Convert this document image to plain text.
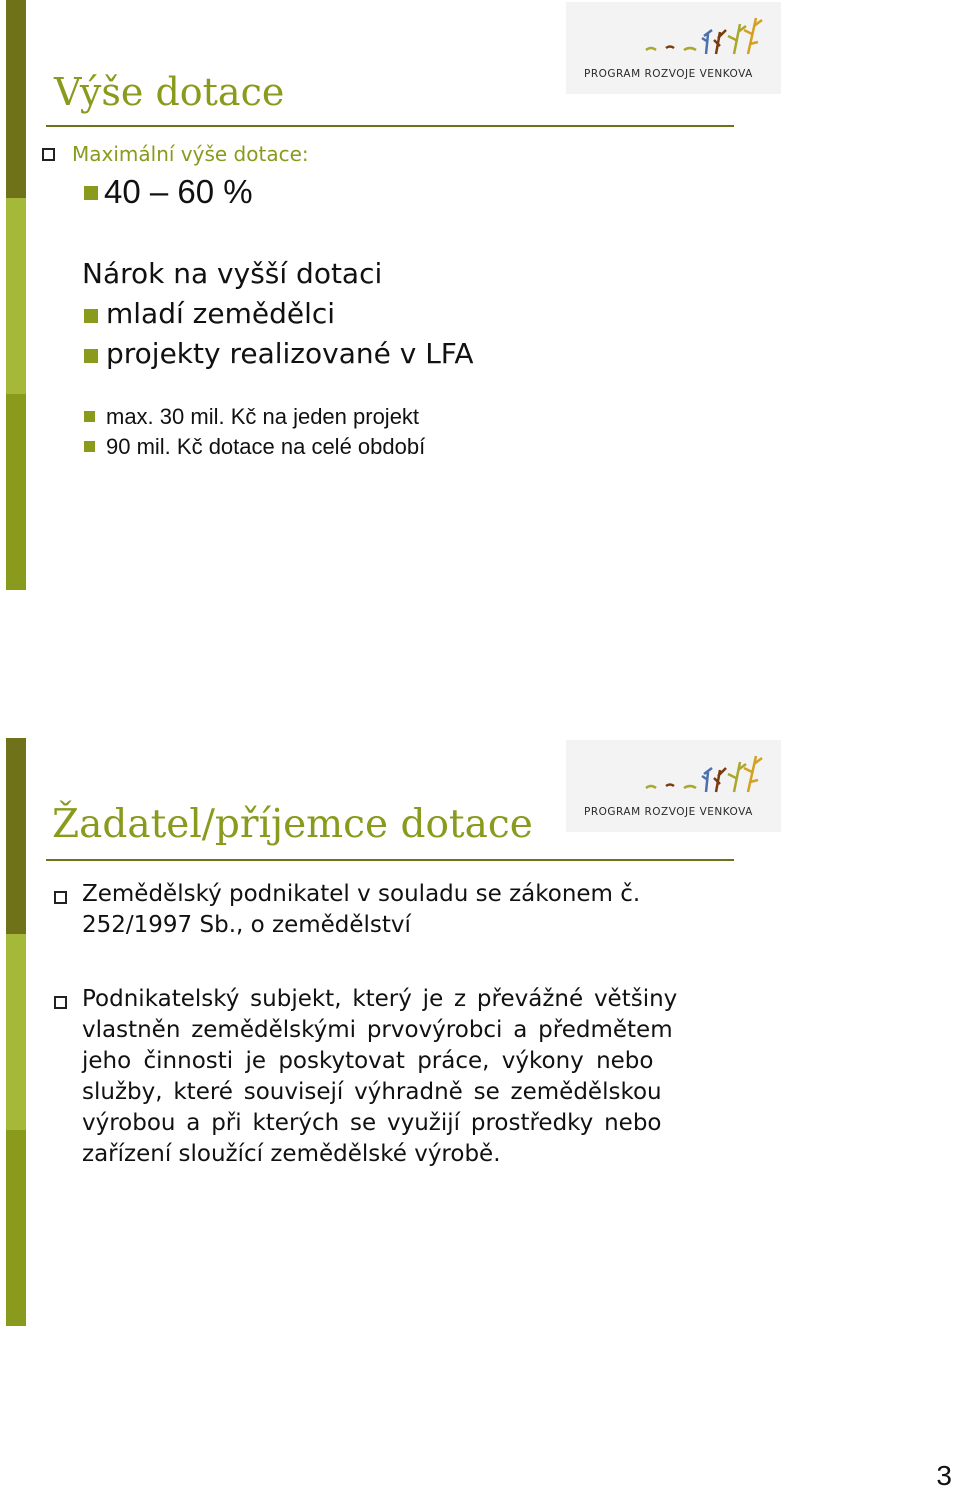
PROGRAM ROZVOJE VENKOVA
Výše dotace
Maximální výše dotace:
40 – 60 %
Nárok na vyšší dotaci
mladí zemědělci
projekty realizované v LFA
max. 30 mil. Kč na jeden projekt
90 mil. Kč dotace na celé období
PROGRAM ROZVOJE VENKOVA
Žadatel/příjemce dotace
Zemědělský podnikatel v souladu se zákonem č.
252/1997 Sb., o zemědělství
Podnikatelský subjekt, který je z převážné většiny
vlastněn zemědělskými prvovýrobci a předmětem
jeho činnosti je poskytovat práce, výkony nebo
služby, které souvisejí výhradně se zemědělskou
výrobou a při kterých se využijí prostředky nebo
zařízení sloužící zemědělské výrobě.
3
